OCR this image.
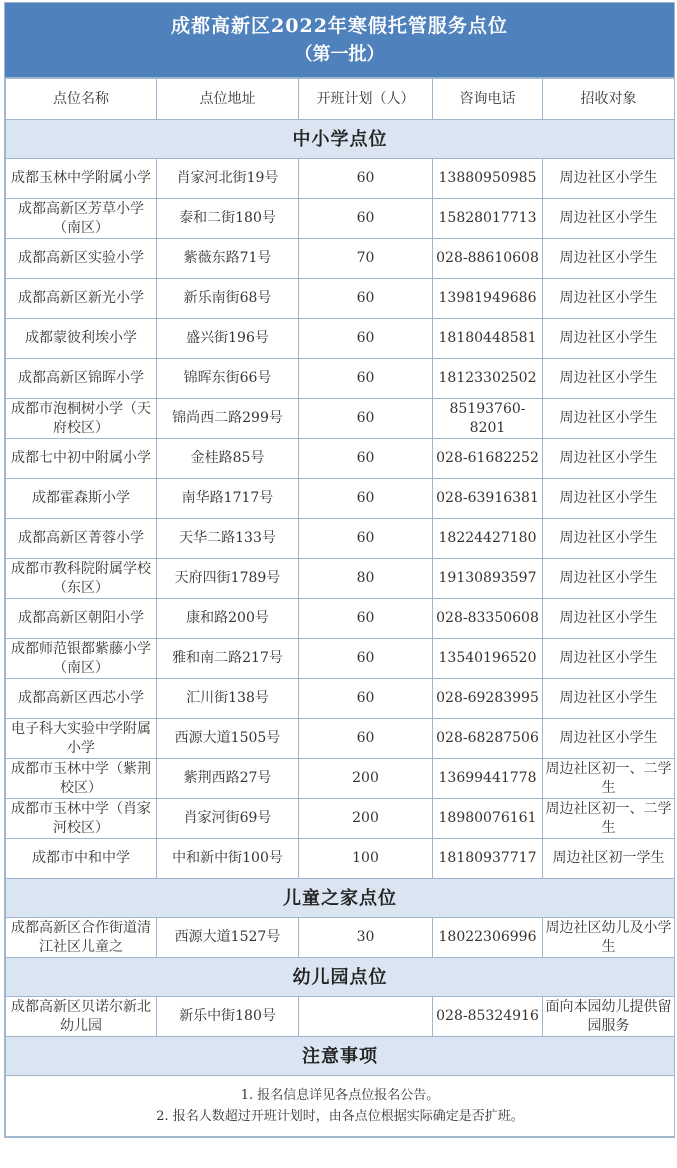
成都高新区2022年寒假托管服务点位
（第一批）
点位名称	点位地址	开班计划（人）	咨询电话	招收对象
中小学点位				
成都玉林中学附属小学	肖家河北街19号	60	13880950985	周边社区小学生
成都高新区芳草小学（南区）	泰和二街180号	60	15828017713	周边社区小学生
成都高新区实验小学	紫薇东路71号	70	028-88610608	周边社区小学生
成都高新区新光小学	新乐南街68号	60	13981949686	周边社区小学生
成都蒙彼利埃小学	盛兴街196号	60	18180448581	周边社区小学生
成都高新区锦晖小学	锦晖东街66号	60	18123302502	周边社区小学生
成都市泡桐树小学（天府校区）	锦尚西二路299号	60	85193760-8201	周边社区小学生
成都七中初中附属小学	金桂路85号	60	028-61682252	周边社区小学生
成都霍森斯小学	南华路1717号	60	028-63916381	周边社区小学生
成都高新区菁蓉小学	天华二路133号	60	18224427180	周边社区小学生
成都市教科院附属学校（东区）	天府四街1789号	80	19130893597	周边社区小学生
成都高新区朝阳小学	康和路200号	60	028-83350608	周边社区小学生
成都师范银都紫藤小学（南区）	雅和南二路217号	60	13540196520	周边社区小学生
成都高新区西芯小学	汇川街138号	60	028-69283995	周边社区小学生
电子科大实验中学附属小学	西源大道1505号	60	028-68287506	周边社区小学生
成都市玉林中学（紫荆校区）	紫荆西路27号	200	13699441778	周边社区初一、二学生
成都市玉林中学（肖家河校区）	肖家河街69号	200	18980076161	周边社区初一、二学生
成都市中和中学	中和新中街100号	100	18180937717	周边社区初一学生
儿童之家点位				
成都高新区合作街道清江社区儿童之	西源大道1527号	30	18022306996	周边社区幼儿及小学生
幼儿园点位				
成都高新区贝诺尔新北幼儿园	新乐中街180号		028-85324916	面向本园幼儿提供留园服务
注意事项				

1. 报名信息详见各点位报名公告。
2. 报名人数超过开班计划时，由各点位根据实际确定是否扩班。				
